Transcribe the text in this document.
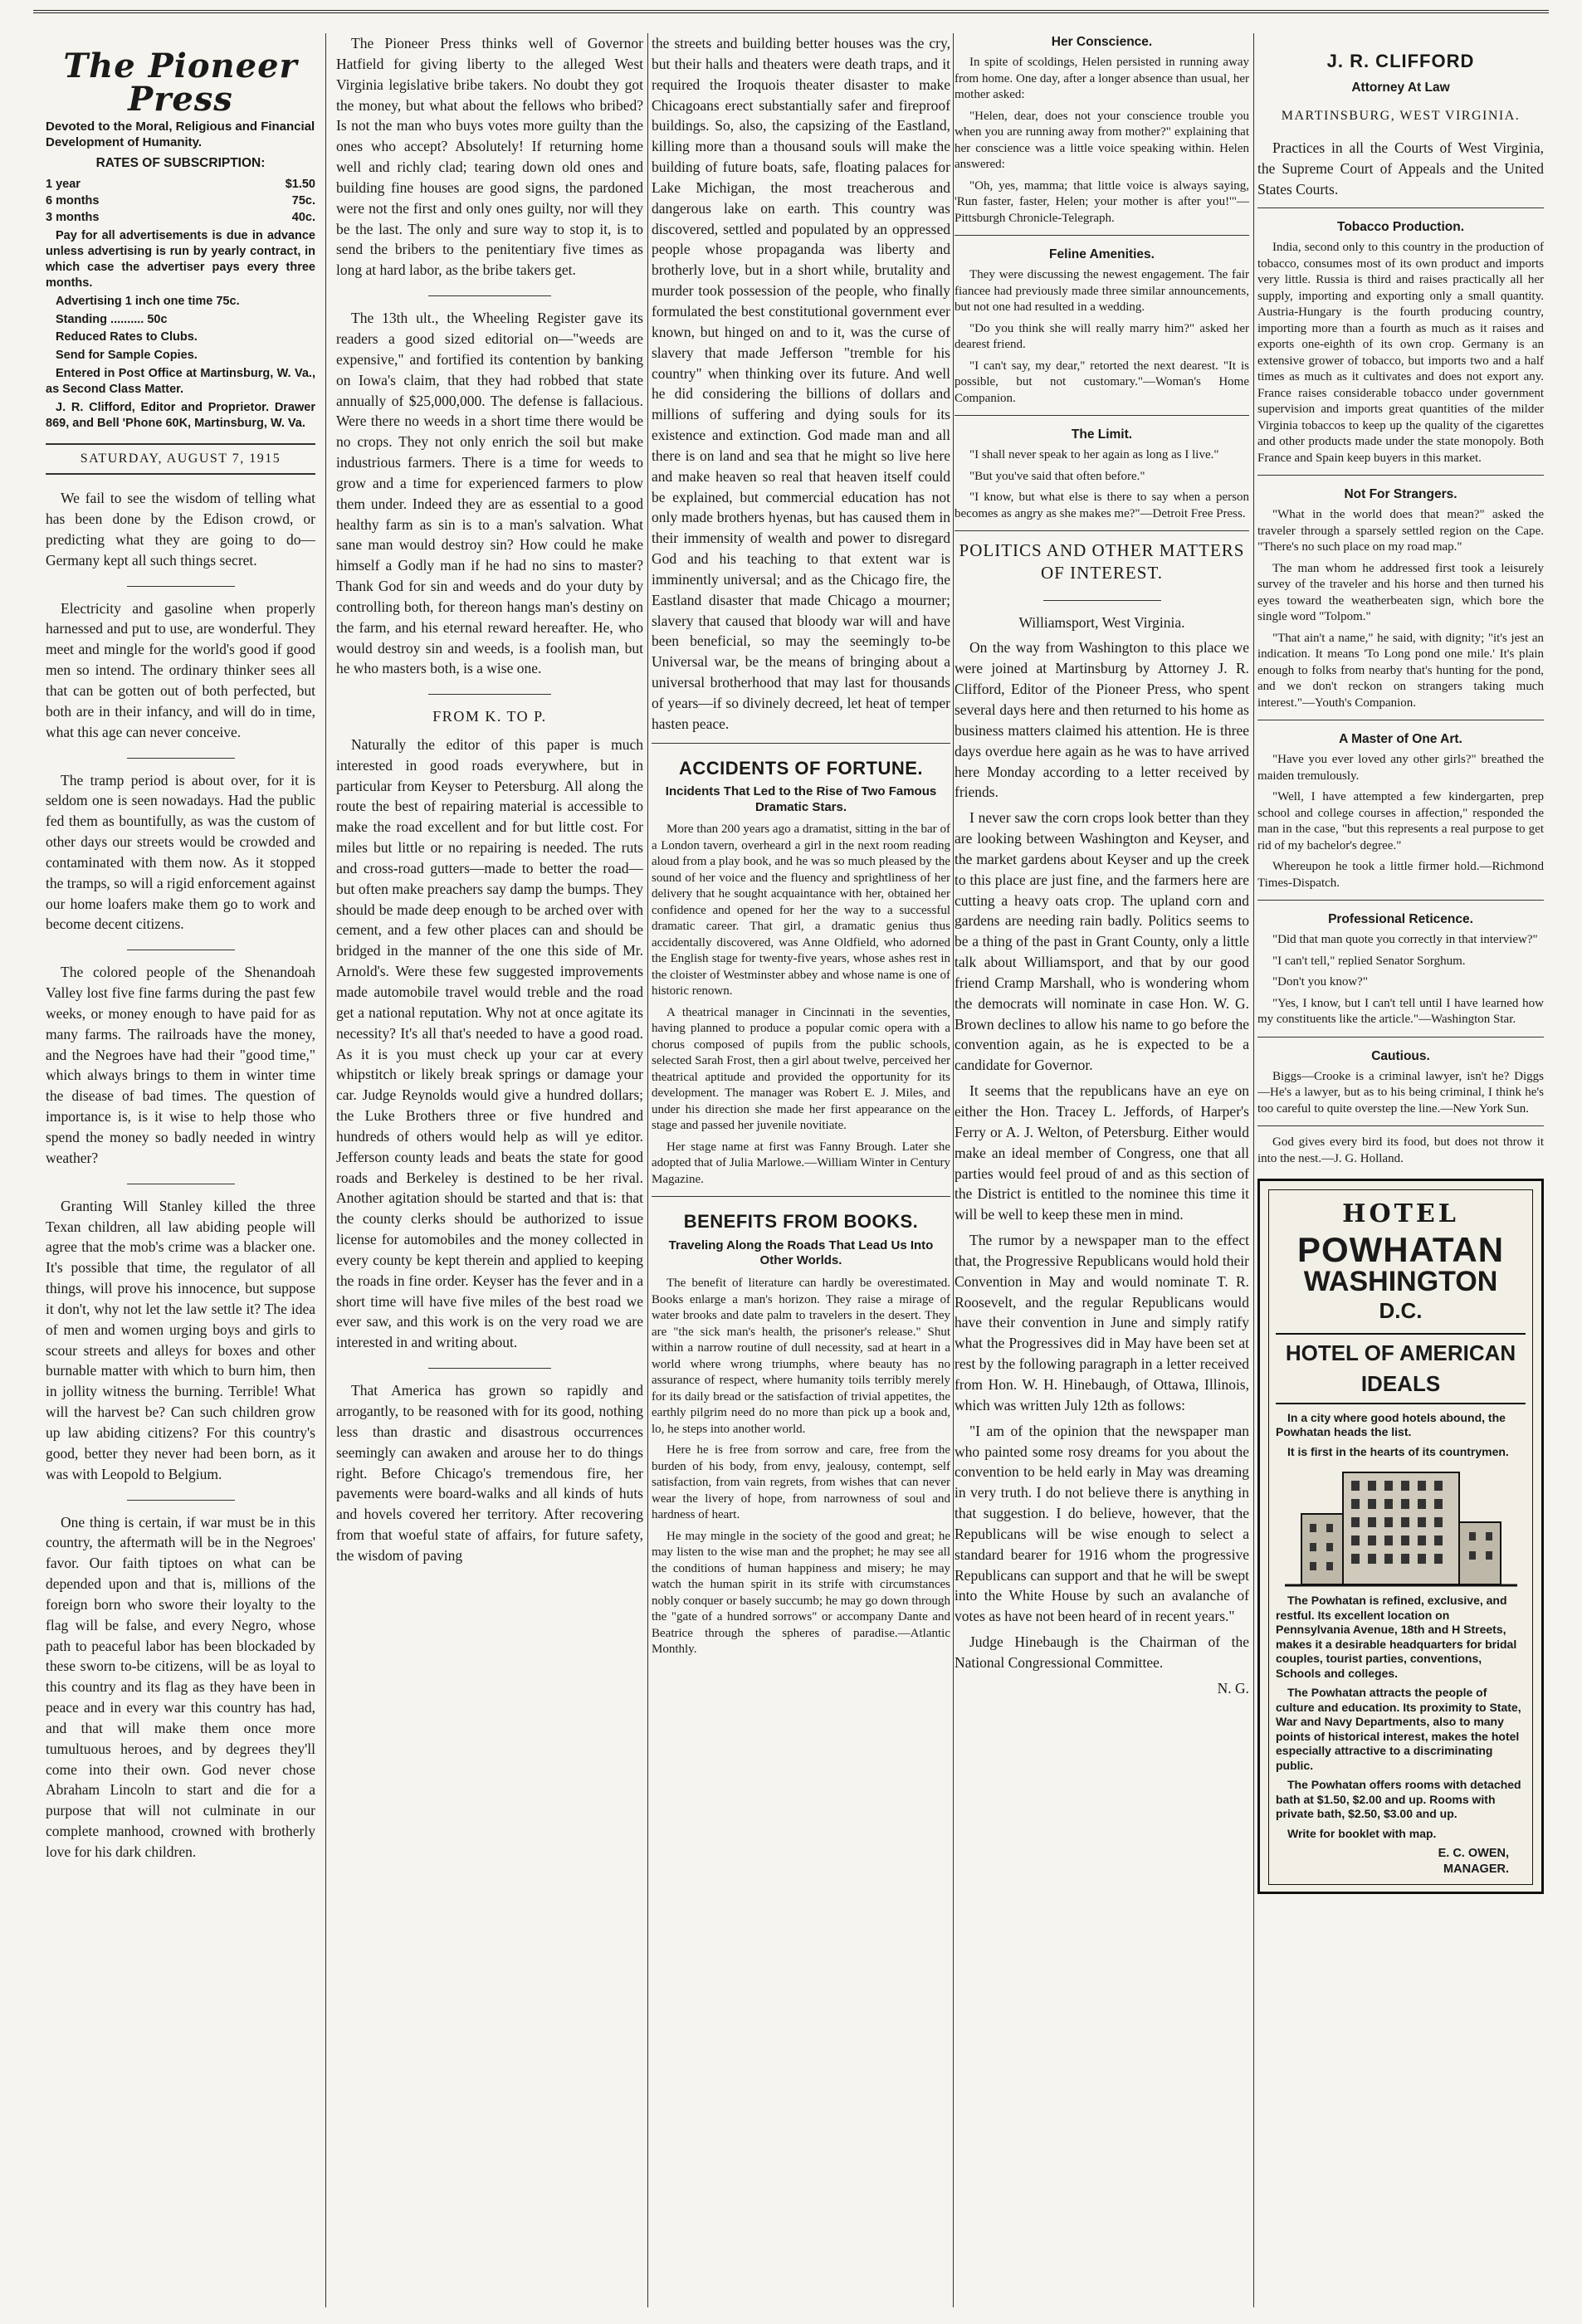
The Pioneer Press
Devoted to the Moral, Religious and Financial Development of Humanity.
RATES OF SUBSCRIPTION:
1 year	$1.50
6 months	75c.
3 months	40c.
Pay for all advertisements is due in advance unless advertising is run by yearly contract, in which case the advertiser pays every three months.
Advertising 1 inch one time 75c.
Standing .......... 50c
Reduced Rates to Clubs.
Send for Sample Copies.
Entered in Post Office at Martinsburg, W. Va., as Second Class Matter.
J. R. Clifford, Editor and Proprietor. Drawer 869, and Bell 'Phone 60K, Martinsburg, W. Va.
SATURDAY, AUGUST 7, 1915

We fail to see the wisdom of telling what has been done by the Edison crowd, or predicting what they are going to do—Germany kept all such things secret.

Electricity and gasoline when properly harnessed and put to use, are wonderful. They meet and mingle for the world's good if good men so intend. The ordinary thinker sees all that can be gotten out of both perfected, but both are in their infancy, and will do in time, what this age can never conceive.

The tramp period is about over, for it is seldom one is seen nowadays. Had the public fed them as bountifully, as was the custom of other days our streets would be crowded and contaminated with them now. As it stopped the tramps, so will a rigid enforcement against our home loafers make them go to work and become decent citizens.

The colored people of the Shenandoah Valley lost five fine farms during the past few weeks, or money enough to have paid for as many farms. The railroads have the money, and the Negroes have had their "good time," which always brings to them in winter time the disease of bad times. The question of importance is, is it wise to help those who spend the money so badly needed in wintry weather?

Granting Will Stanley killed the three Texan children, all law abiding people will agree that the mob's crime was a blacker one. It's possible that time, the regulator of all things, will prove his innocence, but suppose it don't, why not let the law settle it? The idea of men and women urging boys and girls to scour streets and alleys for boxes and other burnable matter with which to burn him, then in jollity witness the burning. Terrible! What will the harvest be? Can such children grow up law abiding citizens? For this country's good, better they never had been born, as it was with Leopold to Belgium.

One thing is certain, if war must be in this country, the aftermath will be in the Negroes' favor. Our faith tiptoes on what can be depended upon and that is, millions of the foreign born who swore their loyalty to the flag will be false, and every Negro, whose path to peaceful labor has been blockaded by these sworn to-be citizens, will be as loyal to this country and its flag as they have been in peace and in every war this country has had, and that will make them once more tumultuous heroes, and by degrees they'll come into their own. God never chose Abraham Lincoln to start and die for a purpose that will not culminate in our complete manhood, crowned with brotherly love for his dark children.

The Pioneer Press thinks well of Governor Hatfield for giving liberty to the alleged West Virginia legislative bribe takers. No doubt they got the money, but what about the fellows who bribed? Is not the man who buys votes more guilty than the ones who accept? Absolutely! If returning home well and richly clad; tearing down old ones and building fine houses are good signs, the pardoned were not the first and only ones guilty, nor will they be the last. The only and sure way to stop it, is to send the bribers to the penitentiary five times as long at hard labor, as the bribe takers get.

The 13th ult., the Wheeling Register gave its readers a good sized editorial on—"weeds are expensive," and fortified its contention by banking on Iowa's claim, that they had robbed that state annually of $25,000,000. The defense is fallacious. Were there no weeds in a short time there would be no crops. They not only enrich the soil but make industrious farmers. There is a time for weeds to grow and a time for experienced farmers to plow them under. Indeed they are as essential to a good healthy farm as sin is to a man's salvation. What sane man would destroy sin? How could he make himself a Godly man if he had no sins to master? Thank God for sin and weeds and do your duty by controlling both, for thereon hangs man's destiny on the farm, and his eternal reward hereafter. He, who would destroy sin and weeds, is a foolish man, but he who masters both, is a wise one.

FROM K. TO P.

Naturally the editor of this paper is much interested in good roads everywhere, but in particular from Keyser to Petersburg. All along the route the best of repairing material is accessible to make the road excellent and for but little cost. For miles but little or no repairing is needed. The ruts and cross-road gutters—made to better the road—but often make preachers say damp the bumps. They should be made deep enough to be arched over with cement, and a few other places can and should be bridged in the manner of the one this side of Mr. Arnold's. Were these few suggested improvements made automobile travel would treble and the road get a national reputation. Why not at once agitate its necessity? It's all that's needed to have a good road. As it is you must check up your car at every whipstitch or likely break springs or damage your car. Judge Reynolds would give a hundred dollars; the Luke Brothers three or five hundred and hundreds of others would help as will ye editor. Jefferson county leads and beats the state for good roads and Berkeley is destined to be her rival. Another agitation should be started and that is: that the county clerks should be authorized to issue license for automobiles and the money collected in every county be kept therein and applied to keeping the roads in fine order. Keyser has the fever and in a short time will have five miles of the best road we ever saw, and this work is on the very road we are interested in and writing about.

That America has grown so rapidly and arrogantly, to be reasoned with for its good, nothing less than drastic and disastrous occurrences seemingly can awaken and arouse her to do things right. Before Chicago's tremendous fire, her pavements were board-walks and all kinds of huts and hovels covered her territory. After recovering from that woeful state of affairs, for future safety, the wisdom of paving

the streets and building better houses was the cry, but their halls and theaters were death traps, and it required the Iroquois theater disaster to make Chicagoans erect substantially safer and fireproof buildings. So, also, the capsizing of the Eastland, killing more than a thousand souls will make the building of future boats, safe, floating palaces for Lake Michigan, the most treacherous and dangerous lake on earth. This country was discovered, settled and populated by an oppressed people whose propaganda was liberty and brotherly love, but in a short while, brutality and murder took possession of the people, who finally formulated the best constitutional government ever known, but hinged on and to it, was the curse of slavery that made Jefferson "tremble for his country" when thinking over its future. And well he did considering the billions of dollars and millions of suffering and dying souls for its existence and extinction. God made man and all there is on land and sea that he might so live here and make heaven so real that heaven itself could be explained, but commercial education has not only made brothers hyenas, but has caused them in their immensity of wealth and power to disregard God and his teaching to that extent war is imminently universal; and as the Chicago fire, the Eastland disaster that made Chicago a mourner; slavery that caused that bloody war will and have been beneficial, so may the seemingly to-be Universal war, be the means of bringing about a universal brotherhood that may last for thousands of years—if so divinely decreed, let heat of temper hasten peace.

ACCIDENTS OF FORTUNE.
Incidents That Led to the Rise of Two Famous Dramatic Stars.

More than 200 years ago a dramatist, sitting in the bar of a London tavern, overheard a girl in the next room reading aloud from a play book, and he was so much pleased by the sound of her voice and the fluency and sprightliness of her delivery that he sought acquaintance with her, obtained her confidence and opened for her the way to a successful dramatic career. That girl, a dramatic genius thus accidentally discovered, was Anne Oldfield, who adorned the English stage for twenty-five years, whose ashes rest in the cloister of Westminster abbey and whose name is one of historic renown.

A theatrical manager in Cincinnati in the seventies, having planned to produce a popular comic opera with a chorus composed of pupils from the public schools, selected Sarah Frost, then a girl about twelve, perceived her theatrical aptitude and provided the opportunity for its development. The manager was Robert E. J. Miles, and under his direction she made her first appearance on the stage and passed her juvenile novitiate.

Her stage name at first was Fanny Brough. Later she adopted that of Julia Marlowe.—William Winter in Century Magazine.

BENEFITS FROM BOOKS.
Traveling Along the Roads That Lead Us Into Other Worlds.

The benefit of literature can hardly be overestimated. Books enlarge a man's horizon. They raise a mirage of water brooks and date palm to travelers in the desert. They are "the sick man's health, the prisoner's release." Shut within a narrow routine of dull necessity, sad at heart in a world where wrong triumphs, where beauty has no assurance of respect, where humanity toils terribly merely for its daily bread or the satisfaction of trivial appetites, the earthly pilgrim need do no more than pick up a book and, lo, he steps into another world.

Here he is free from sorrow and care, free from the burden of his body, from envy, jealousy, contempt, self satisfaction, from vain regrets, from wishes that can never wear the livery of hope, from narrowness of soul and hardness of heart.

He may mingle in the society of the good and great; he may listen to the wise man and the prophet; he may see all the conditions of human happiness and misery; he may watch the human spirit in its strife with circumstances nobly conquer or basely succumb; he may go down through the "gate of a hundred sorrows" or accompany Dante and Beatrice through the spheres of paradise.—Atlantic Monthly.

Her Conscience.

In spite of scoldings, Helen persisted in running away from home. One day, after a longer absence than usual, her mother asked:

"Helen, dear, does not your conscience trouble you when you are running away from mother?" explaining that her conscience was a little voice speaking within. Helen answered:

"Oh, yes, mamma; that little voice is always saying, 'Run faster, faster, Helen; your mother is after you!'"—Pittsburgh Chronicle-Telegraph.

Feline Amenities.

They were discussing the newest engagement. The fair fiancee had previously made three similar announcements, but not one had resulted in a wedding.

"Do you think she will really marry him?" asked her dearest friend.

"I can't say, my dear," retorted the next dearest. "It is possible, but not customary."—Woman's Home Companion.

The Limit.

"I shall never speak to her again as long as I live."

"But you've said that often before."

"I know, but what else is there to say when a person becomes as angry as she makes me?"—Detroit Free Press.

POLITICS AND OTHER MATTERS OF INTEREST.

Williamsport, West Virginia.

On the way from Washington to this place we were joined at Martinsburg by Attorney J. R. Clifford, Editor of the Pioneer Press, who spent several days here and then returned to his home as business matters claimed his attention. He is three days overdue here again as he was to have arrived here Monday according to a letter received by friends.

I never saw the corn crops look better than they are looking between Washington and Keyser, and the market gardens about Keyser and up the creek to this place are just fine, and the farmers here are cutting a heavy oats crop. The upland corn and gardens are needing rain badly. Politics seems to be a thing of the past in Grant County, only a little talk about Williamsport, and that by our good friend Cramp Marshall, who is wondering whom the democrats will nominate in case Hon. W. G. Brown declines to allow his name to go before the convention again, as he is expected to be a candidate for Governor.

It seems that the republicans have an eye on either the Hon. Tracey L. Jeffords, of Harper's Ferry or A. J. Welton, of Petersburg. Either would make an ideal member of Congress, one that all parties would feel proud of and as this section of the District is entitled to the nominee this time it will be well to keep these men in mind.

The rumor by a newspaper man to the effect that, the Progressive Republicans would hold their Convention in May and would nominate T. R. Roosevelt, and the regular Republicans would have their convention in June and simply ratify what the Progressives did in May have been set at rest by the following paragraph in a letter received from Hon. W. H. Hinebaugh, of Ottawa, Illinois, which was written July 12th as follows:

"I am of the opinion that the newspaper man who painted some rosy dreams for you about the convention to be held early in May was dreaming in very truth. I do not believe there is anything in that suggestion. I do believe, however, that the Republicans will be wise enough to select a standard bearer for 1916 whom the progressive Republicans can support and that he will be swept into the White House by such an avalanche of votes as have not been heard of in recent years."

Judge Hinebaugh is the Chairman of the National Congressional Committee.

N. G.

J. R. CLIFFORD
Attorney At Law
MARTINSBURG, WEST VIRGINIA.

Practices in all the Courts of West Virginia, the Supreme Court of Appeals and the United States Courts.

Tobacco Production.

India, second only to this country in the production of tobacco, consumes most of its own product and imports very little. Russia is third and raises practically all her supply, importing and exporting only a small quantity. Austria-Hungary is the fourth producing country, importing more than a fourth as much as it raises and exports one-eighth of its own crop. Germany is an extensive grower of tobacco, but imports two and a half times as much as it cultivates and does not export any. France raises considerable tobacco under government supervision and imports great quantities of the milder Virginia tobaccos to keep up the quality of the cigarettes and other products made under the state monopoly. Both France and Spain keep buyers in this market.

Not For Strangers.

"What in the world does that mean?" asked the traveler through a sparsely settled region on the Cape. "There's no such place on my road map."

The man whom he addressed first took a leisurely survey of the traveler and his horse and then turned his eyes toward the weatherbeaten sign, which bore the single word "Tolpom."

"That ain't a name," he said, with dignity; "it's jest an indication. It means 'To Long pond one mile.' It's plain enough to folks from nearby that's hunting for the pond, and we don't reckon on strangers taking much interest."—Youth's Companion.

A Master of One Art.

"Have you ever loved any other girls?" breathed the maiden tremulously.

"Well, I have attempted a few kindergarten, prep school and college courses in affection," responded the man in the case, "but this represents a real purpose to get rid of my bachelor's degree."

Whereupon he took a little firmer hold.—Richmond Times-Dispatch.

Professional Reticence.

"Did that man quote you correctly in that interview?"

"I can't tell," replied Senator Sorghum.

"Don't you know?"

"Yes, I know, but I can't tell until I have learned how my constituents like the article."—Washington Star.

Cautious.

Biggs—Crooke is a criminal lawyer, isn't he? Diggs—He's a lawyer, but as to his being criminal, I think he's too careful to quite overstep the line.—New York Sun.

God gives every bird its food, but does not throw it into the nest.—J. G. Holland.

HOTEL
POWHATAN
WASHINGTON
D.C.
HOTEL OF AMERICAN IDEALS
In a city where good hotels abound, the Powhatan heads the list.
It is first in the hearts of its countrymen.
The Powhatan is refined, exclusive, and restful. Its excellent location on Pennsylvania Avenue, 18th and H Streets, makes it a desirable headquarters for bridal couples, tourist parties, conventions, Schools and colleges.
The Powhatan attracts the people of culture and education. Its proximity to State, War and Navy Departments, also to many points of historical interest, makes the hotel especially attractive to a discriminating public.
The Powhatan offers rooms with detached bath at $1.50, $2.00 and up. Rooms with private bath, $2.50, $3.00 and up.
Write for booklet with map.
E. C. OWEN,
MANAGER.
